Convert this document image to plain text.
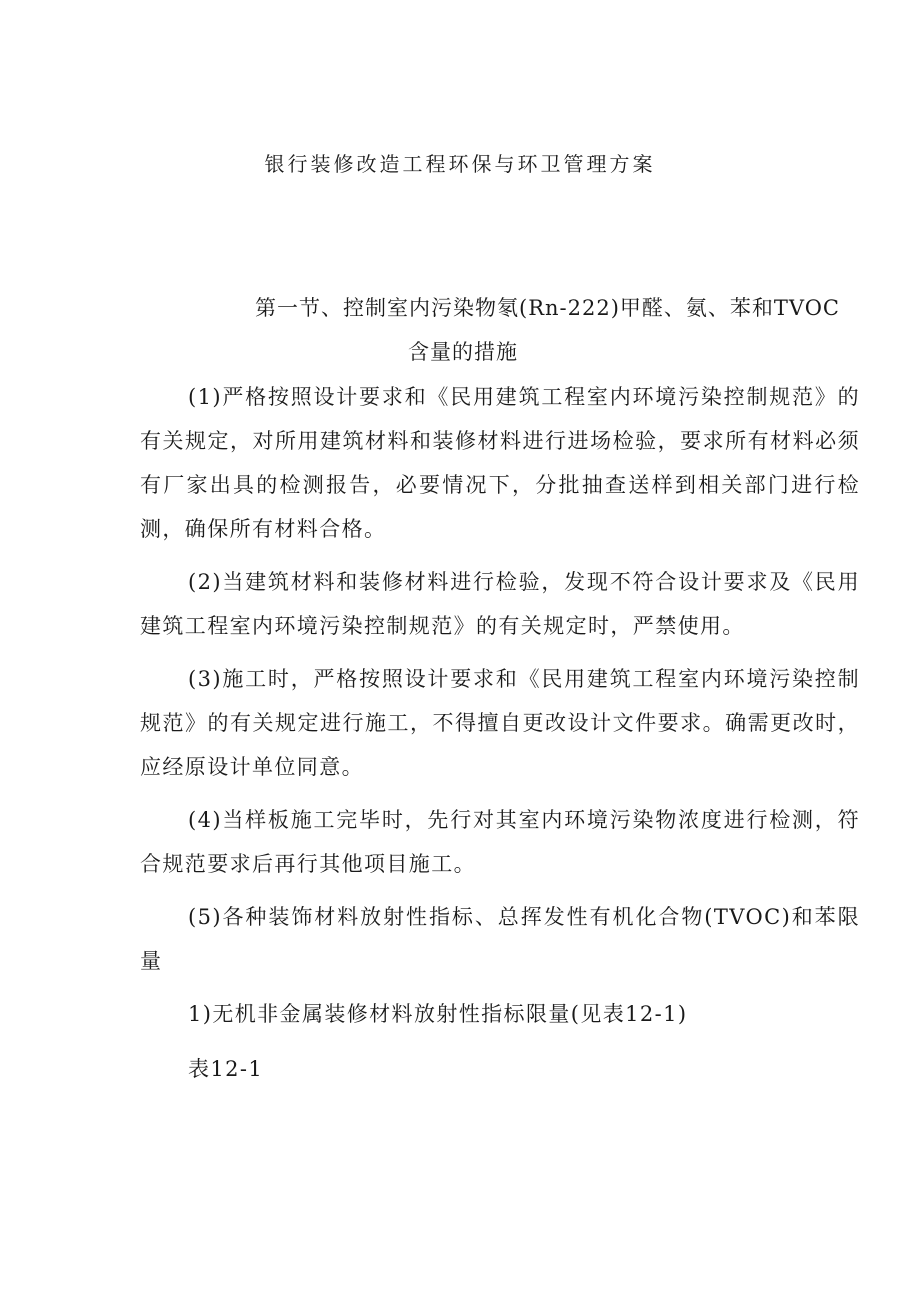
银行装修改造工程环保与环卫管理方案
第一节、控制室内污染物氡(Rn-222)甲醛、氨、苯和TVOC
含量的措施

(1)严格按照设计要求和《民用建筑工程室内环境污染控制规范》的有关规定，对所用建筑材料和装修材料进行进场检验，要求所有材料必须有厂家出具的检测报告，必要情况下，分批抽查送样到相关部门进行检测，确保所有材料合格。

(2)当建筑材料和装修材料进行检验，发现不符合设计要求及《民用建筑工程室内环境污染控制规范》的有关规定时，严禁使用。

(3)施工时，严格按照设计要求和《民用建筑工程室内环境污染控制规范》的有关规定进行施工，不得擅自更改设计文件要求。确需更改时，应经原设计单位同意。

(4)当样板施工完毕时，先行对其室内环境污染物浓度进行检测，符合规范要求后再行其他项目施工。

(5)各种装饰材料放射性指标、总挥发性有机化合物(TVOC)和苯限量

1)无机非金属装修材料放射性指标限量(见表12-1)

表12-1
